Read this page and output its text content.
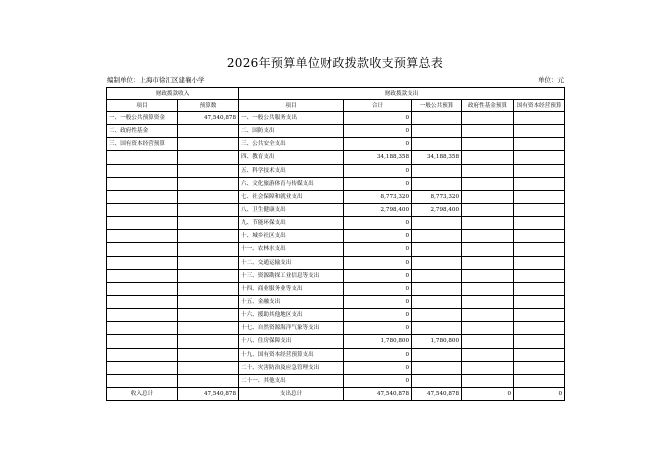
2026年预算单位财政拨款收支预算总表
编制单位：上海市徐汇区建襄小学	单位：元
财政拨款收入		财政拨款支出				
项目	预算数	项目	合计	一般公共预算	政府性基金预算	国有资本经营预算
一、一般公共预算资金	47,540,878	一、一般公共服务支出	0			
二、政府性基金		二、国防支出	0			
三、国有资本经营预算		三、公共安全支出	0			
		四、教育支出	34,188,358	34,188,358		
		五、科学技术支出	0			
		六、文化旅游体育与传媒支出	0			
		七、社会保障和就业支出	8,773,320	8,773,320		
		八、卫生健康支出	2,798,400	2,798,400		
		九、节能环保支出	0			
		十、城乡社区支出	0			
		十一、农林水支出	0			
		十二、交通运输支出	0			
		十三、资源勘探工业信息等支出	0			
		十四、商业服务业等支出	0			
		十五、金融支出	0			
		十六、援助其他地区支出	0			
		十七、自然资源海洋气象等支出	0			
		十八、住房保障支出	1,780,800	1,780,800		
		十九、国有资本经营预算支出	0			
		二十、灾害防治及应急管理支出	0			
		二十一、其他支出	0			
收入总计	47,540,878	支出总计	47,540,878	47,540,878	0	0
